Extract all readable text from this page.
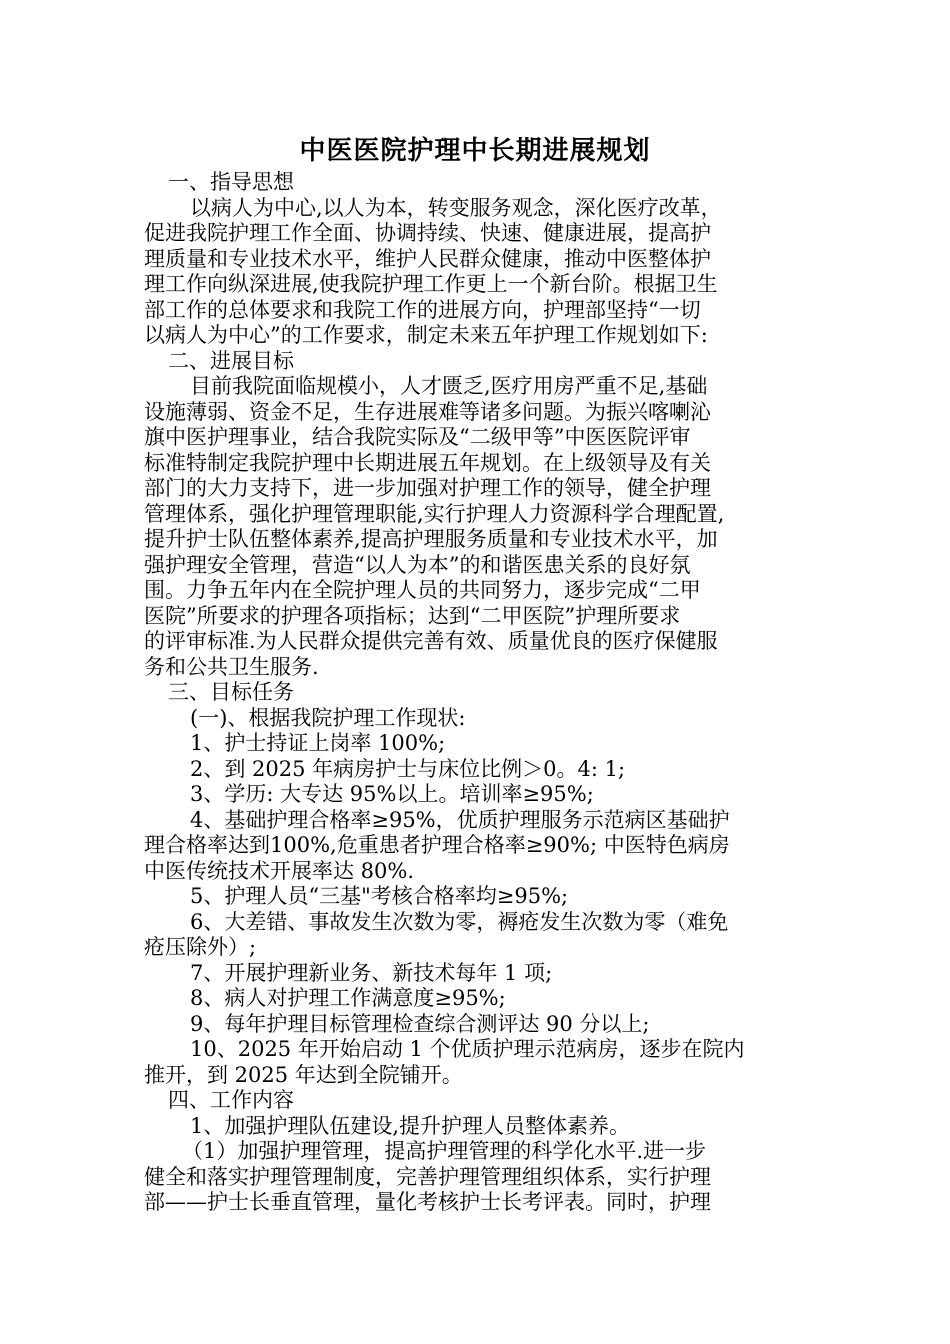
中医医院护理中长期进展规划
一、指导思想
以病人为中心,以人为本，转变服务观念，深化医疗改革，
促进我院护理工作全面、协调持续、快速、健康进展，提高护
理质量和专业技术水平，维护人民群众健康，推动中医整体护
理工作向纵深进展,使我院护理工作更上一个新台阶。根据卫生
部工作的总体要求和我院工作的进展方向，护理部坚持“一切
以病人为中心”的工作要求，制定未来五年护理工作规划如下:
二、进展目标
目前我院面临规模小，人才匮乏,医疗用房严重不足,基础
设施薄弱、资金不足，生存进展难等诸多问题。为振兴喀喇沁
旗中医护理事业，结合我院实际及“二级甲等”中医医院评审
标准特制定我院护理中长期进展五年规划。在上级领导及有关
部门的大力支持下，进一步加强对护理工作的领导，健全护理
管理体系，强化护理管理职能,实行护理人力资源科学合理配置,
提升护士队伍整体素养,提高护理服务质量和专业技术水平，加
强护理安全管理，营造“以人为本”的和谐医患关系的良好氛
围。力争五年内在全院护理人员的共同努力，逐步完成“二甲
医院”所要求的护理各项指标；达到“二甲医院”护理所要求
的评审标准.为人民群众提供完善有效、质量优良的医疗保健服
务和公共卫生服务.
三、目标任务
(一)、根据我院护理工作现状:
1、护士持证上岗率 100%;
2、到 2025 年病房护士与床位比例＞0。4: 1;
3、学历: 大专达 95%以上。培训率≥95%;
4、基础护理合格率≥95%，优质护理服务示范病区基础护
理合格率达到100%,危重患者护理合格率≥90%; 中医特色病房
中医传统技术开展率达 80%.
5、护理人员“三基"考核合格率均≥95%;
6、大差错、事故发生次数为零，褥疮发生次数为零（难免
疮压除外）;
7、开展护理新业务、新技术每年 1 项;
8、病人对护理工作满意度≥95%;
9、每年护理目标管理检查综合测评达 90 分以上;
10、2025 年开始启动 1 个优质护理示范病房，逐步在院内
推开，到 2025 年达到全院铺开。
四、工作内容
1、加强护理队伍建设,提升护理人员整体素养。
（1）加强护理管理，提高护理管理的科学化水平.进一步
健全和落实护理管理制度，完善护理管理组织体系，实行护理
部——护士长垂直管理，量化考核护士长考评表。同时，护理
